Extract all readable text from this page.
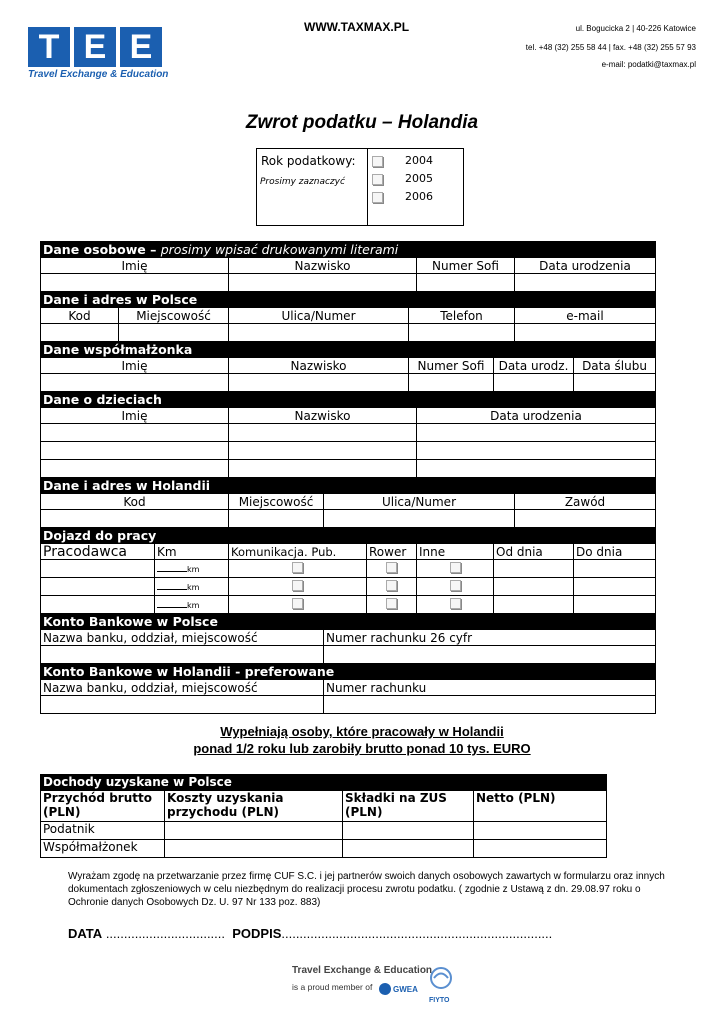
T E E
Travel Exchange & Education
WWW.TAXMAX.PL	ul. Bogucicka 2 | 40-226 Katowice
tel. +48 (32) 255 58 44 | fax. +48 (32) 255 57 93
e-mail: podatki@taxmax.pl
Zwrot podatku – Holandia
Rok podatkowy:
Prosimy zaznaczyć
2004
2005
2006
Dane osobowe – prosimy wpisać drukowanymi literami										
Imię			Nazwisko				Numer Sofi		Data urodzenia	

Dane i adres w Polsce										
Kod	Miejscowość		Ulica/Numer			Telefon			e-mail	

Dane współmałżonka										
Imię			Nazwisko			Numer Sofi		Data urodz.		Data ślubu

Dane o dzieciach										
Imię			Nazwisko				Data urodzenia			

Dane i adres w Holandii										
Kod			Miejscowość	Ulica/Numer					Zawód	

Dojazd do pracy										
Pracodawca		Km	Komunikacja. Pub.		Rower		Inne	Od dnia		Do dnia
		km								
		km								
		km								
Konto Bankowe w Polsce										
Nazwa banku, oddział, miejscowość				Numer rachunku 26 cyfr						

Konto Bankowe w Holandii - preferowane										
Nazwa banku, oddział, miejscowość				Numer rachunku						

Wypełniają osoby, które pracowały w Holandii
ponad 1/2 roku lub zarobiły brutto ponad 10 tys. EURO
Dochody uzyskane w Polsce			
Przychód brutto (PLN)	Koszty uzyskania przychodu (PLN)	Składki na ZUS (PLN)	Netto (PLN)
Podatnik			
Współmałżonek			
Wyrażam zgodę na przetwarzanie przez firmę CUF S.C. i jej partnerów swoich danych osobowych zawartych w formularzu oraz innych dokumentach zgłoszeniowych w celu niezbędnym do realizacji procesu zwrotu podatku. ( zgodnie z Ustawą z dn. 29.08.97 roku o Ochronie danych Osobowych Dz. U. 97 Nr 133 poz. 883)
DATA ................................. PODPIS...........................................................................
Travel Exchange & Education
is a proud member of	GWEA
FIYTO
